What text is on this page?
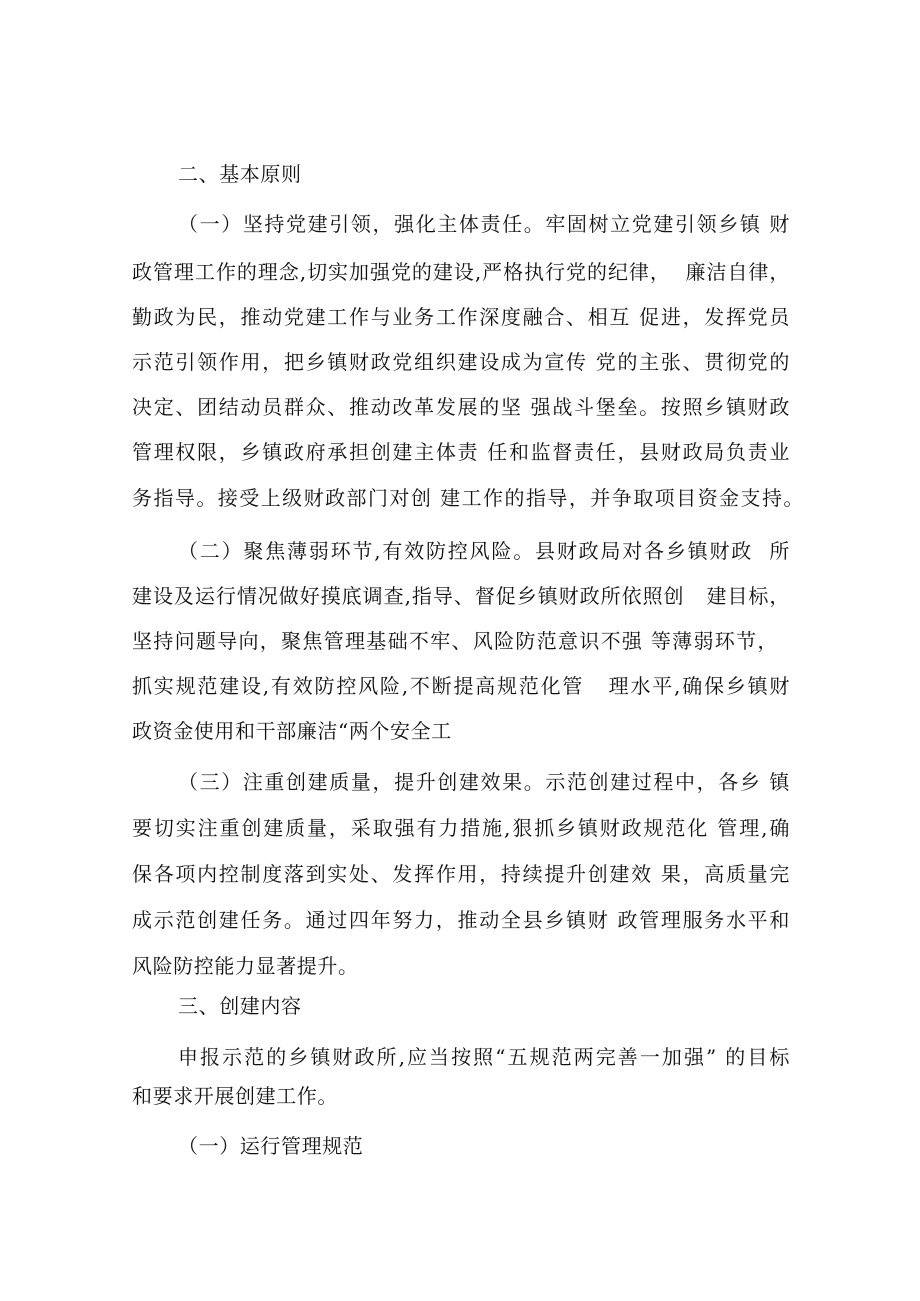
二、基本原则
（一）坚持党建引领，强化主体责任。牢固树立党建引领乡镇 财
政管理工作的理念,切实加强党的建设,严格执行党的纪律，  廉洁自律，
勤政为民，推动党建工作与业务工作深度融合、相互 促进，发挥党员
示范引领作用，把乡镇财政党组织建设成为宣传 党的主张、贯彻党的
决定、团结动员群众、推动改革发展的坚 强战斗堡垒。按照乡镇财政
管理权限，乡镇政府承担创建主体责 任和监督责任，县财政局负责业
务指导。接受上级财政部门对创 建工作的指导，并争取项目资金支持。
（二）聚焦薄弱环节,有效防控风险。县财政局对各乡镇财政  所
建设及运行情况做好摸底调查,指导、督促乡镇财政所依照创   建目标，
坚持问题导向，聚焦管理基础不牢、风险防范意识不强 等薄弱环节，
抓实规范建设,有效防控风险,不断提高规范化管   理水平,确保乡镇财
政资金使用和干部廉洁“两个安全工
（三）注重创建质量，提升创建效果。示范创建过程中，各乡 镇
要切实注重创建质量，采取强有力措施,狠抓乡镇财政规范化 管理,确
保各项内控制度落到实处、发挥作用，持续提升创建效 果，高质量完
成示范创建任务。通过四年努力，推动全县乡镇财 政管理服务水平和
风险防控能力显著提升。
三、创建内容
申报示范的乡镇财政所,应当按照“五规范两完善一加强” 的目标
和要求开展创建工作。
（一）运行管理规范
